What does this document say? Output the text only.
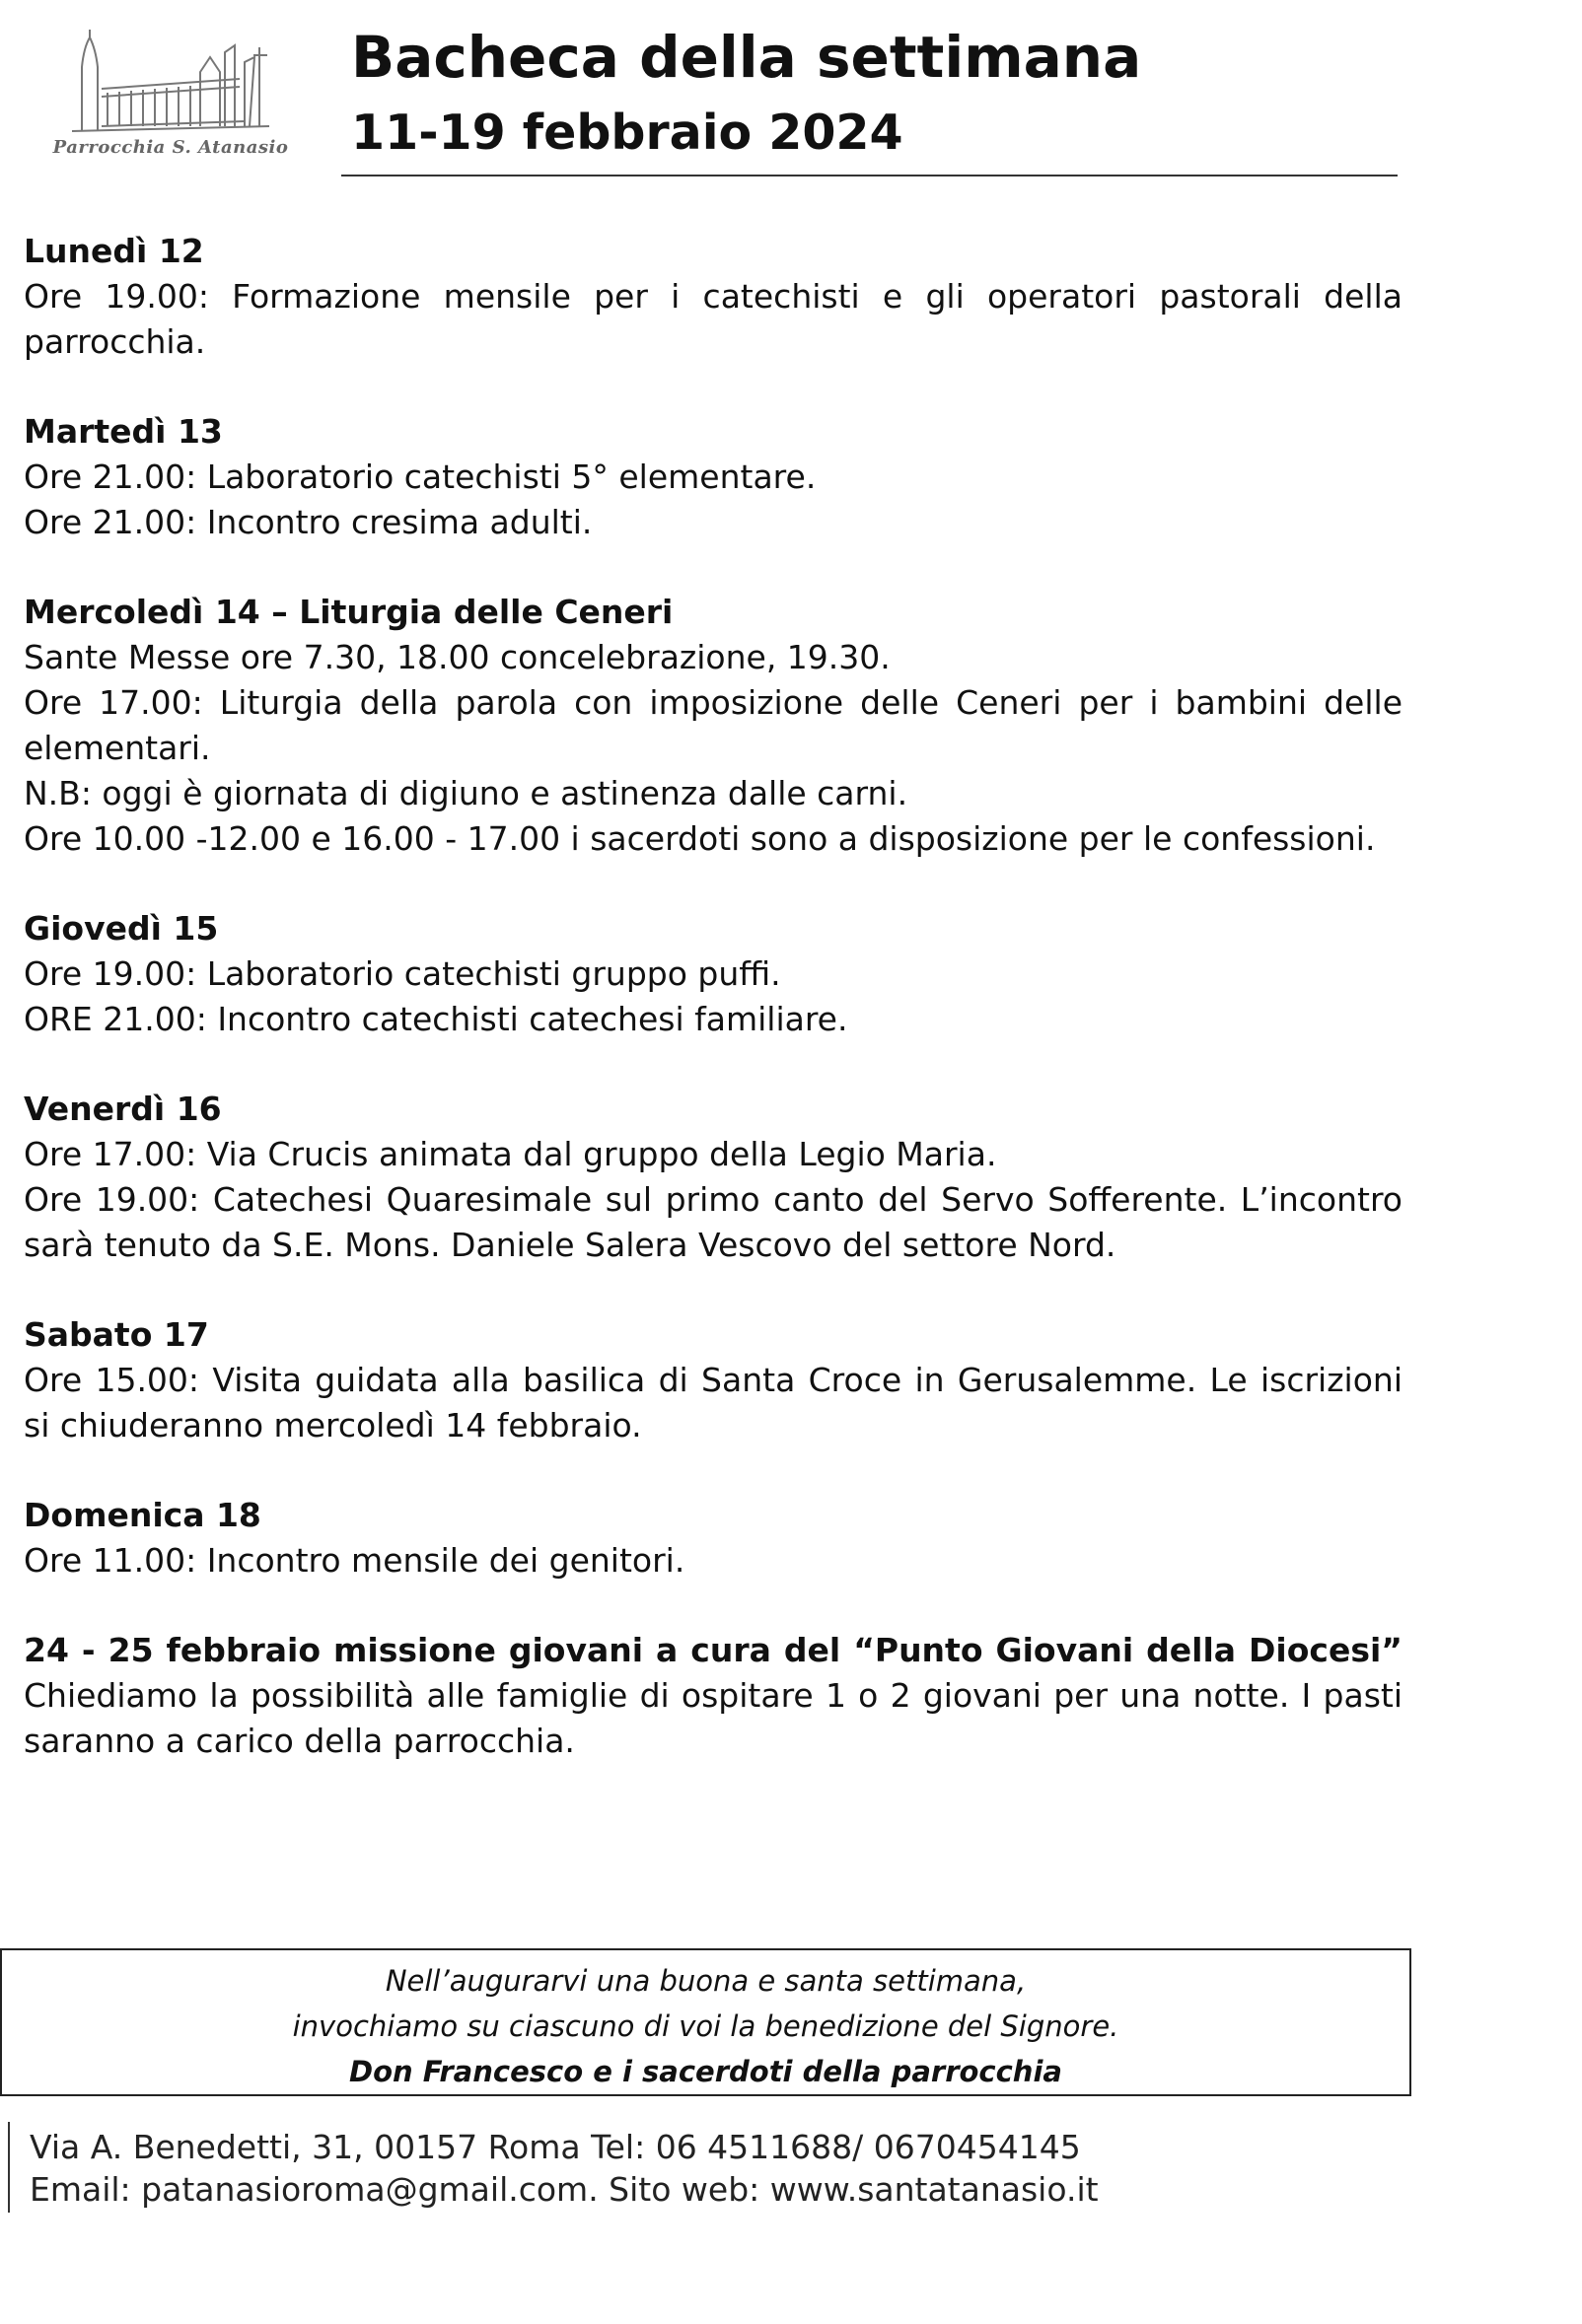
Parrocchia S. Atanasio
Bacheca della settimana
11-19 febbraio 2024

Lunedì 12

Ore 19.00: Formazione mensile per i catechisti e gli operatori pastorali della parrocchia.

Martedì 13

Ore 21.00: Laboratorio catechisti 5° elementare.

Ore 21.00: Incontro cresima adulti.

Mercoledì 14 – Liturgia delle Ceneri

Sante Messe ore 7.30, 18.00 concelebrazione, 19.30.

Ore 17.00: Liturgia della parola con imposizione delle Ceneri per i bambini delle elementari.

N.B: oggi è giornata di digiuno e astinenza dalle carni.

Ore 10.00 -12.00 e 16.00 - 17.00 i sacerdoti sono a disposizione per le confessioni.

Giovedì 15

Ore 19.00: Laboratorio catechisti gruppo puffi.

ORE 21.00: Incontro catechisti catechesi familiare.

Venerdì 16

Ore 17.00: Via Crucis animata dal gruppo della Legio Maria.

Ore 19.00: Catechesi Quaresimale sul primo canto del Servo Sofferente. L’incontro sarà tenuto da S.E. Mons. Daniele Salera Vescovo del settore Nord.

Sabato 17

Ore 15.00: Visita guidata alla basilica di Santa Croce in Gerusalemme. Le iscrizioni si chiuderanno mercoledì 14 febbraio.

Domenica 18

Ore 11.00: Incontro mensile dei genitori.

24 - 25 febbraio missione giovani a cura del “Punto Giovani della Diocesi”

Chiediamo la possibilità alle famiglie di ospitare 1 o 2 giovani per una notte. I pasti saranno a carico della parrocchia.

Nell’augurarvi una buona e santa settimana,
invochiamo su ciascuno di voi la benedizione del Signore.
Don Francesco e i sacerdoti della parrocchia

Via A. Benedetti, 31, 00157 Roma Tel: 06 4511688/ 0670454145

Email: patanasioroma@gmail.com. Sito web: www.santatanasio.it
